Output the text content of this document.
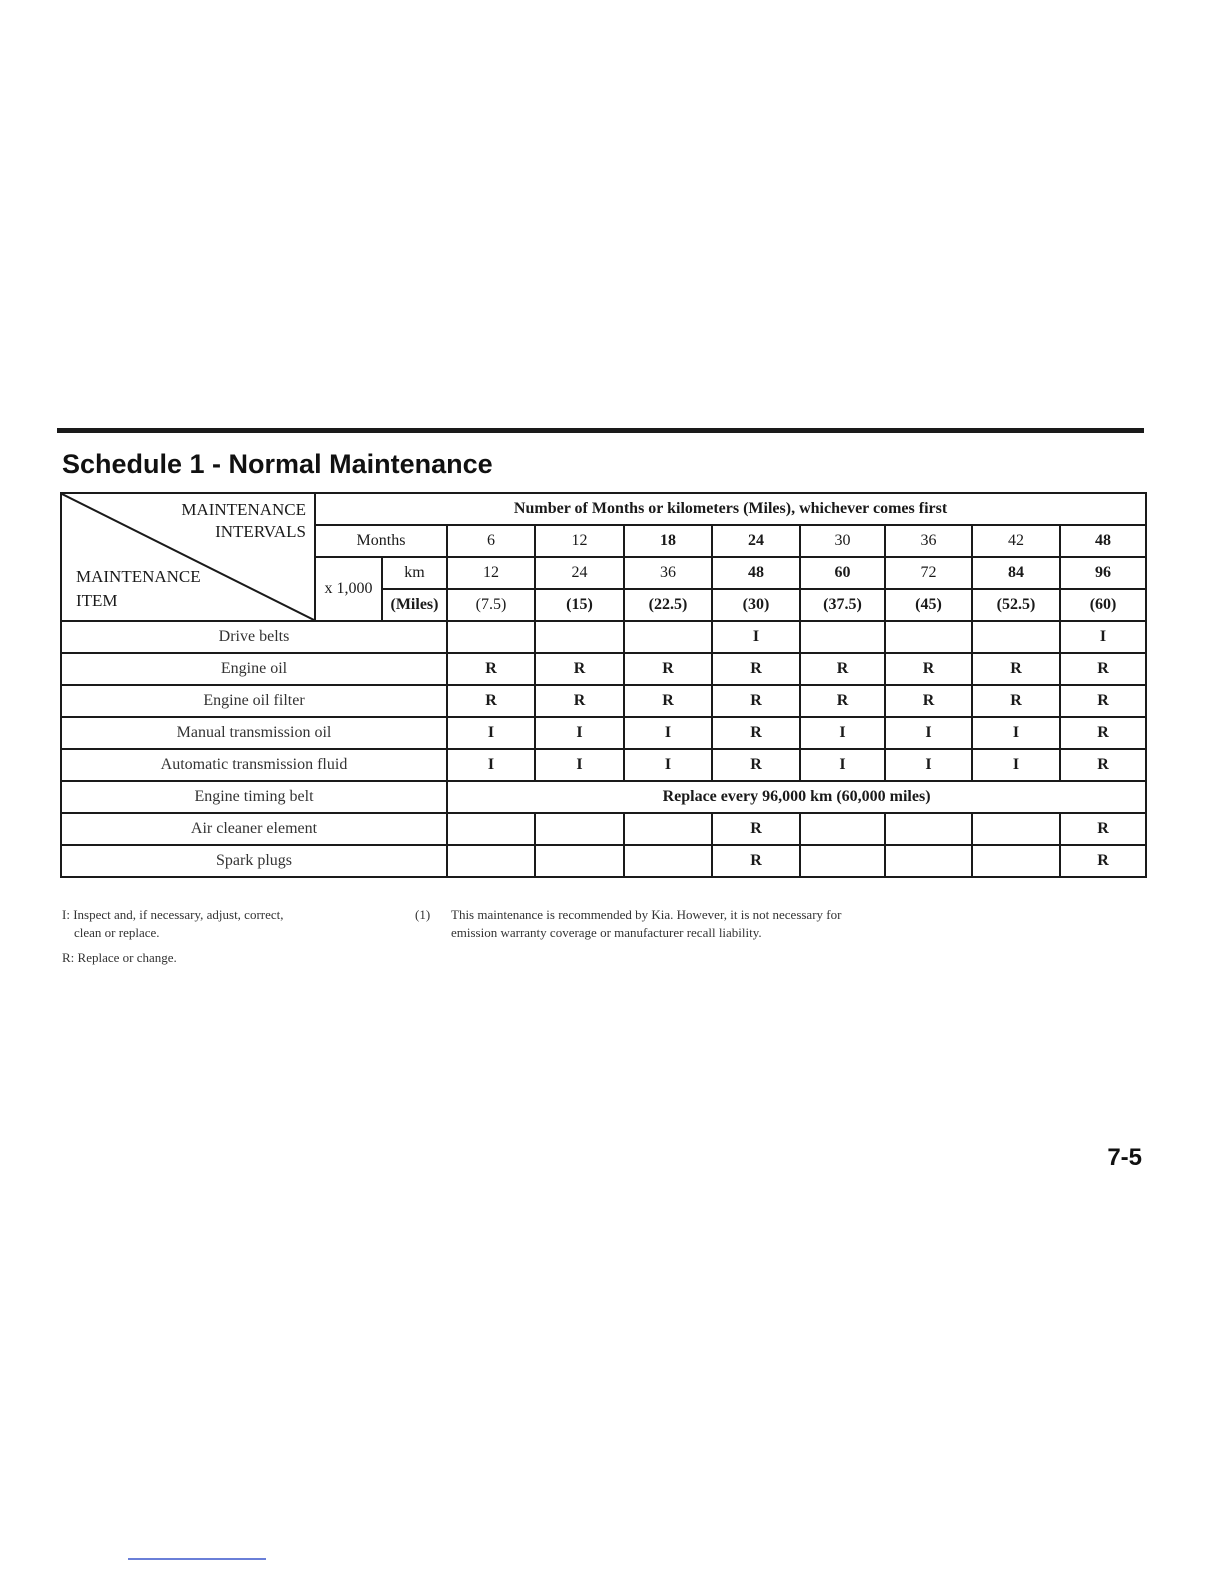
Schedule 1 - Normal Maintenance
MAINTENANCE
INTERVALS
MAINTENANCE
ITEM	Number of Months or kilometers (Miles), whichever comes first									
	Months		6	12	18	24	30	36	42	48
	x 1,000	km	12	24	36	48	60	72	84	96
		(Miles)	(7.5)	(15)	(22.5)	(30)	(37.5)	(45)	(52.5)	(60)
Drive belts						I				I
Engine oil			R	R	R	R	R	R	R	R
Engine oil filter			R	R	R	R	R	R	R	R
Manual transmission oil			I	I	I	R	I	I	I	R
Automatic transmission fluid			I	I	I	R	I	I	I	R
Engine timing belt			Replace every 96,000 km (60,000 miles)							
Air cleaner element						R				R
Spark plugs						R				R
I: Inspect and, if necessary, adjust, correct,
clean or replace.
R: Replace or change.
(1)	This maintenance is recommended by Kia. However, it is not necessary for
emission warranty coverage or manufacturer recall liability.
7-5
